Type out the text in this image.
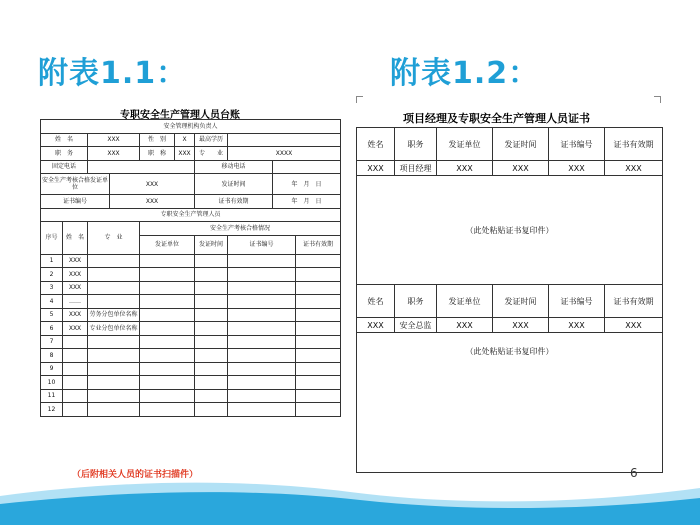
附表1.1：	附表1.2：
专职安全生产管理人员台账
安全管理机构负责人									
姓　名		XXX		性　别	X	最高学历			
职　务		XXX		职　称	XXX	专　　业	XXXX		
固定电话						移动电话			
安全生产考核合格发证单位			XXX			发证时间		年　月　日	
证书编号			XXX			证书有效期		年　月　日	
专职安全生产管理人员									
序号	姓　名	专　业		安全生产考核合格情况					
				发证单位		发证时间	证书编号		证书有效期
1	XXX								
2	XXX								
3	XXX								
4	……								
5	XXX	劳务分包单位名称							
6	XXX	专业分包单位名称							
7									
8									
9									
10									
11									
12									
（后附相关人员的证书扫描件）
项目经理及专职安全生产管理人员证书
姓名	职务	发证单位	发证时间	证书编号	证书有效期
XXX	项目经理	XXX	XXX	XXX	XXX
（此处粘贴证书复印件）					
姓名	职务	发证单位	发证时间	证书编号	证书有效期
XXX	安全总监	XXX	XXX	XXX	XXX
（此处粘贴证书复印件）					
6
